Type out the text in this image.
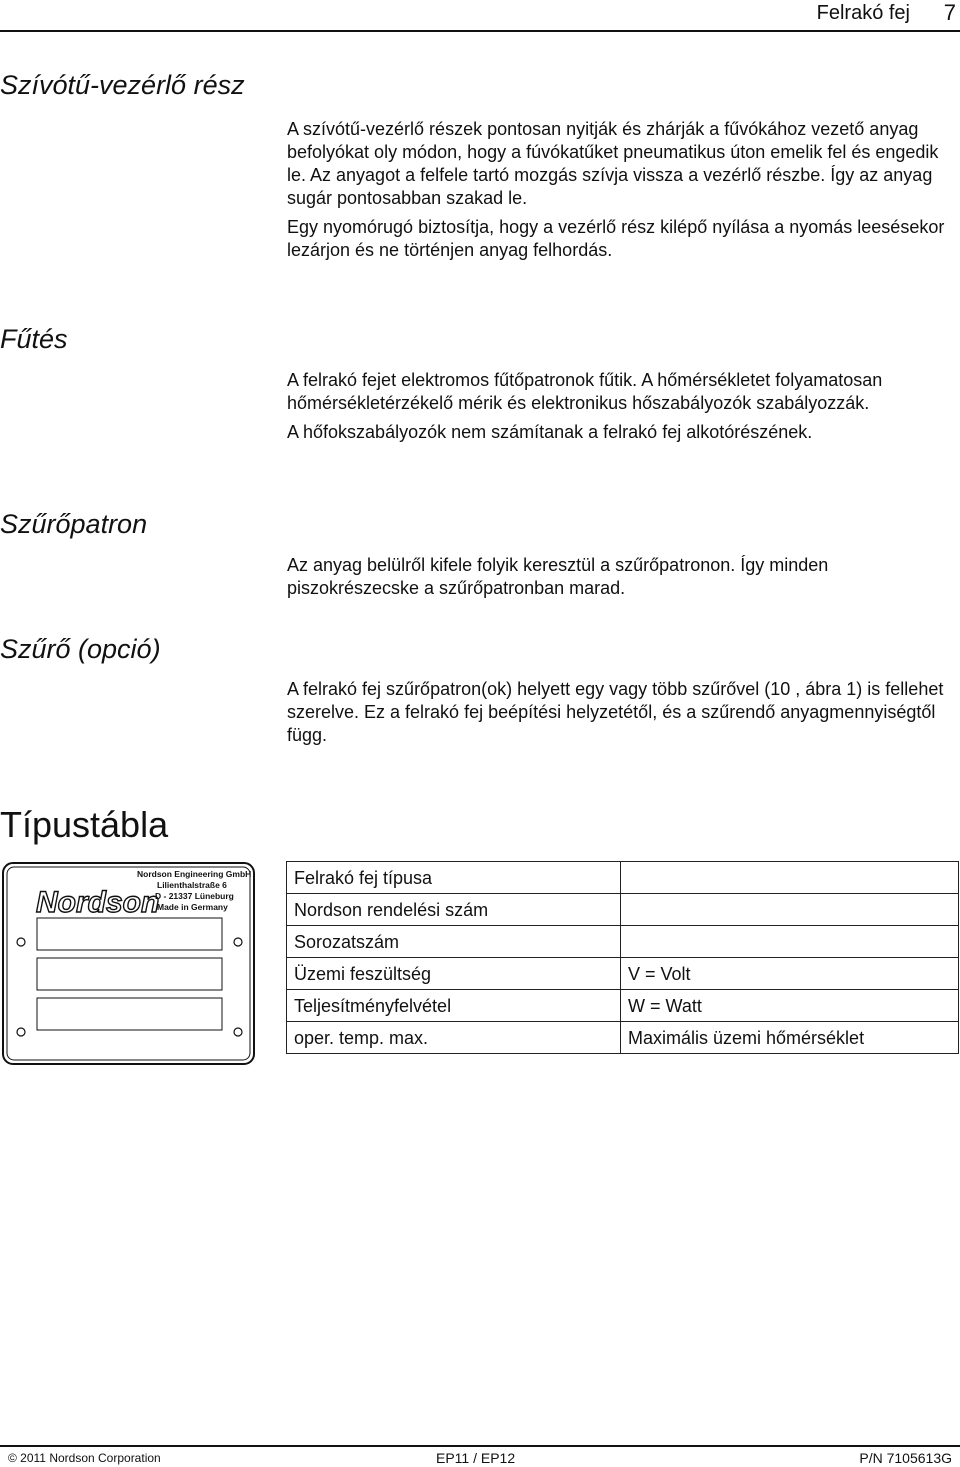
Felrakó fej 7
Szívótű-vezérlő rész

A szívótű-vezérlő részek pontosan nyitják és zhárják a fűvókához vezető anyag befolyókat oly módon, hogy a fúvókatűket pneumatikus úton emelik fel és engedik le. Az anyagot a felfele tartó mozgás szívja vissza a vezérlő részbe. Így az anyag sugár pontosabban szakad le.

Egy nyomórugó biztosítja, hogy a vezérlő rész kilépő nyílása a nyomás leesésekor lezárjon és ne történjen anyag felhordás.

Fűtés

A felrakó fejet elektromos fűtőpatronok fűtik. A hőmérsékletet folyamatosan hőmérsékletérzékelő mérik és elektronikus hőszabályozók szabályozzák.

A hőfokszabályozók nem számítanak a felrakó fej alkotórészének.

Szűrőpatron

Az anyag belülről kifele folyik keresztül a szűrőpatronon. Így minden piszokrészecske a szűrőpatronban marad.

Szűrő (opció)

A felrakó fej szűrőpatron(ok) helyett egy vagy több szűrővel (10 , ábra 1) is fellehet szerelve. Ez a felrakó fej beépítési helyzetétől, és a szűrendő anyagmennyiségtől függ.

Típustábla
Nordson
Nordson Engineering GmbH
Lilienthalstraße 6
D - 21337 Lüneburg
Made in Germany
Felrakó fej típusa	
Nordson rendelési szám	
Sorozatszám	
Üzemi feszültség	V = Volt
Teljesítményfelvétel	W = Watt
oper. temp. max.	Maximális üzemi hőmérséklet
© 2011 Nordson Corporation	EP11 / EP12	P/N 7105613G
